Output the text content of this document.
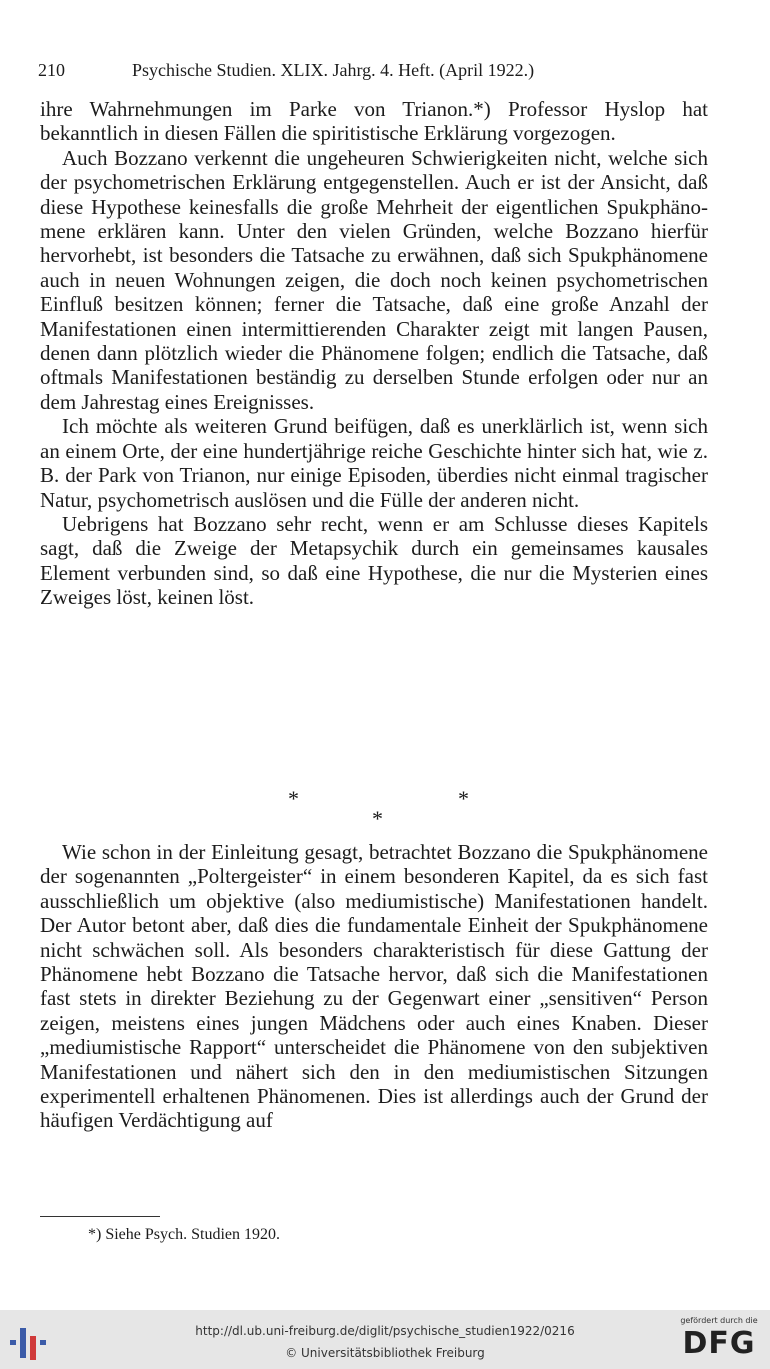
210	Psychische Studien. XLIX. Jahrg. 4. Heft. (April 1922.)

ihre Wahrnehmungen im Parke von Trianon.*) Professor Hyslop hat bekanntlich in diesen Fällen die spiritistische Erklärung vorgezogen.

Auch Bozzano verkennt die ungeheuren Schwierigkeiten nicht, welche sich der psychometrischen Erklärung entgegenstellen. Auch er ist der Ansicht, daß diese Hypothese keinesfalls die große Mehrheit der eigentlichen Spukphänomene erklären kann. Unter den vielen Gründen, welche Bozzano hierfür hervorhebt, ist besonders die Tatsache zu erwähnen, daß sich Spukphänomene auch in neuen Wohnungen zeigen, die doch noch keinen psychometrischen Einfluß besitzen können; ferner die Tatsache, daß eine große Anzahl der Manifestationen einen intermittierenden Charakter zeigt mit langen Pausen, denen dann plötzlich wieder die Phänomene folgen; endlich die Tatsache, daß oftmals Manifestationen beständig zu derselben Stunde erfolgen oder nur an dem Jahrestag eines Ereignisses.

Ich möchte als weiteren Grund beifügen, daß es unerklärlich ist, wenn sich an einem Orte, der eine hundertjährige reiche Geschichte hinter sich hat, wie z. B. der Park von Trianon, nur einige Episoden, überdies nicht einmal tragischer Natur, psychometrisch auslösen und die Fülle der anderen nicht.

Uebrigens hat Bozzano sehr recht, wenn er am Schlusse dieses Kapitels sagt, daß die Zweige der Metapsychik durch ein gemeinsames kausales Element verbunden sind, so daß eine Hypothese, die nur die Mysterien eines Zweiges löst, keinen löst.

*	*
*

Wie schon in der Einleitung gesagt, betrachtet Bozzano die Spukphänomene der sogenannten „Poltergeister“ in einem besonderen Kapitel, da es sich fast ausschließlich um objektive (also mediumistische) Manifestationen handelt. Der Autor betont aber, daß dies die fundamentale Einheit der Spukphänomene nicht schwächen soll. Als besonders charakteristisch für diese Gattung der Phänomene hebt Bozzano die Tatsache hervor, daß sich die Manifestationen fast stets in direkter Beziehung zu der Gegenwart einer „sensitiven“ Person zeigen, meistens eines jungen Mädchens oder auch eines Knaben. Dieser „mediumistische Rapport“ unterscheidet die Phänomene von den subjektiven Manifestationen und nähert sich den in den mediumistischen Sitzungen experimentell erhaltenen Phänomenen. Dies ist allerdings auch der Grund der häufigen Verdächtigung auf

*) Siehe Psych. Studien 1920.
http://dl.ub.uni-freiburg.de/diglit/psychische_studien1922/0216
© Universitätsbibliothek Freiburg
gefördert durch die
DFG
